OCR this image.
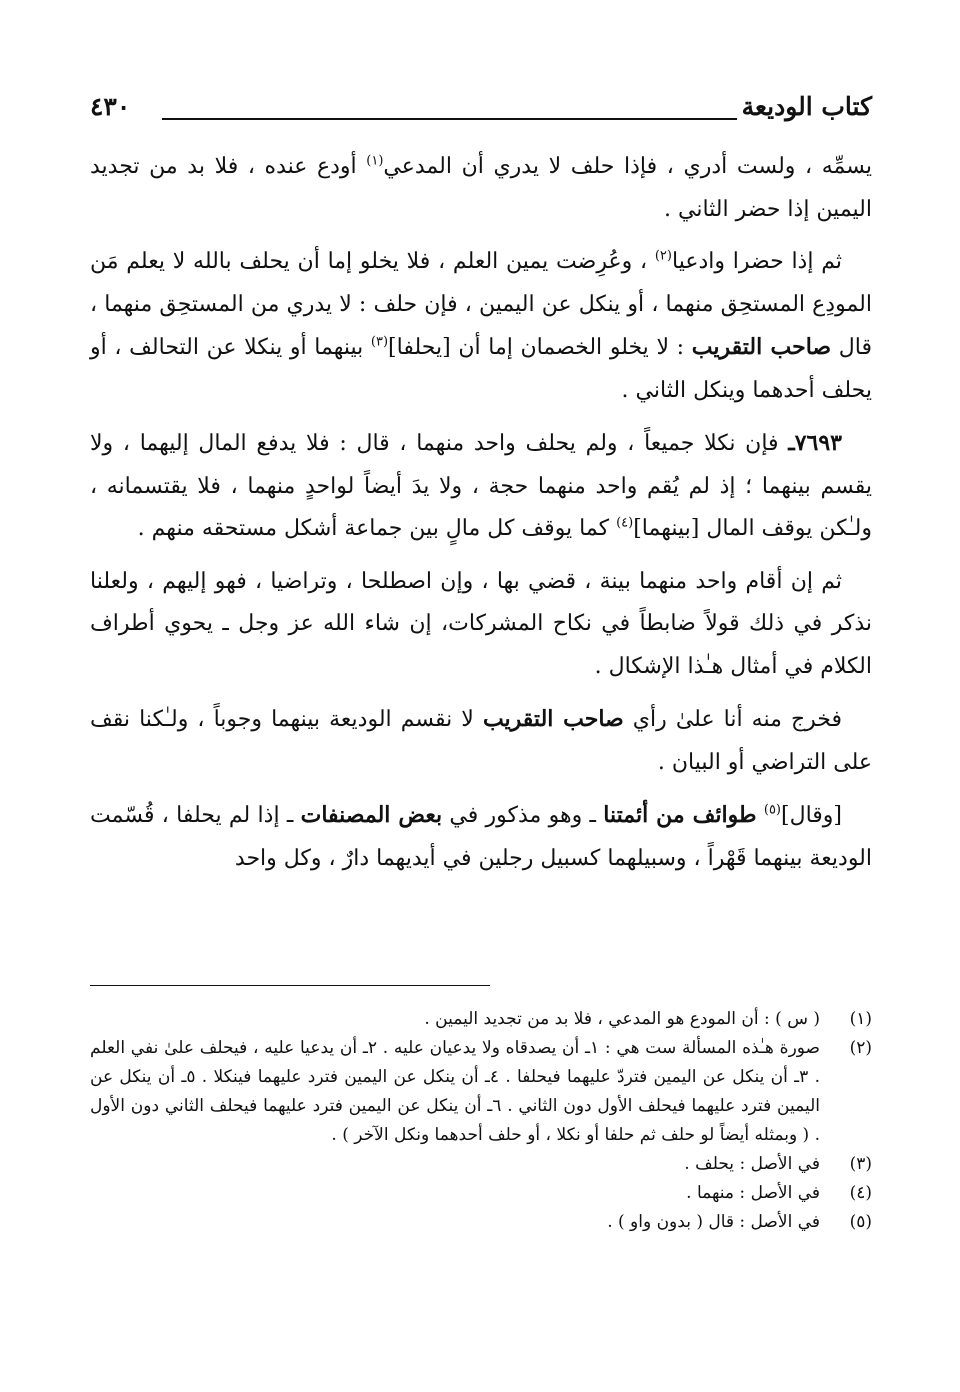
كتاب الوديعة
٤٣٠

يسمِّه ، ولست أدري ، فإذا حلف لا يدري أن المدعي$^{(١)}$ أودع عنده ، فلا بد من تجديد اليمين إذا حضر الثاني .

ثم إذا حضرا وادعيا$^{(٢)}$ ، وعُرِضت يمين العلم ، فلا يخلو إما أن يحلف بالله لا يعلم مَن المودِع المستحِق منهما ، أو ينكل عن اليمين ، فإن حلف : لا يدري من المستحِق منهما ، قال صاحب التقريب : لا يخلو الخصمان إما أن [يحلفا]$^{(٣)}$ بينهما أو ينكلا عن التحالف ، أو يحلف أحدهما وينكل الثاني .

٧٦٩٣ـ فإن نكلا جميعاً ، ولم يحلف واحد منهما ، قال : فلا يدفع المال إليهما ، ولا يقسم بينهما ؛ إذ لم يُقم واحد منهما حجة ، ولا يدَ أيضاً لواحدٍ منهما ، فلا يقتسمانه ، ولـٰكن يوقف المال [بينهما]$^{(٤)}$ كما يوقف كل مالٍ بين جماعة أشكل مستحقه منهم .

ثم إن أقام واحد منهما بينة ، قضي بها ، وإن اصطلحا ، وتراضيا ، فهو إليهم ، ولعلنا نذكر في ذلك قولاً ضابطاً في نكاح المشركات، إن شاء الله عز وجل ـ يحوي أطراف الكلام في أمثال هـٰذا الإشكال .

فخرج منه أنا علىٰ رأي صاحب التقريب لا نقسم الوديعة بينهما وجوباً ، ولـٰكنا نقف على التراضي أو البيان .

[وقال]$^{(٥)}$ طوائف من أئمتنا ـ وهو مذكور في بعض المصنفات ـ إذا لم يحلفا ، قُسّمت الوديعة بينهما قَهْراً ، وسبيلهما كسبيل رجلين في أيديهما دارٌ ، وكل واحد

(١)
( س ) : أن المودع هو المدعي ، فلا بد من تجديد اليمين .
(٢)
صورة هـٰذه المسألة ست هي : ١ـ أن يصدقاه ولا يدعيان عليه . ٢ـ أن يدعيا عليه ، فيحلف علىٰ نفي العلم . ٣ـ أن ينكل عن اليمين فتردّ عليهما فيحلفا . ٤ـ أن ينكل عن اليمين فترد عليهما فينكلا . ٥ـ أن ينكل عن اليمين فترد عليهما فيحلف الأول دون الثاني . ٦ـ أن ينكل عن اليمين فترد عليهما فيحلف الثاني دون الأول . ( وبمثله أيضاً لو حلف ثم حلفا أو نكلا ، أو حلف أحدهما ونكل الآخر ) .
(٣)
في الأصل : يحلف .
(٤)
في الأصل : منهما .
(٥)
في الأصل : قال ( بدون واو ) .
